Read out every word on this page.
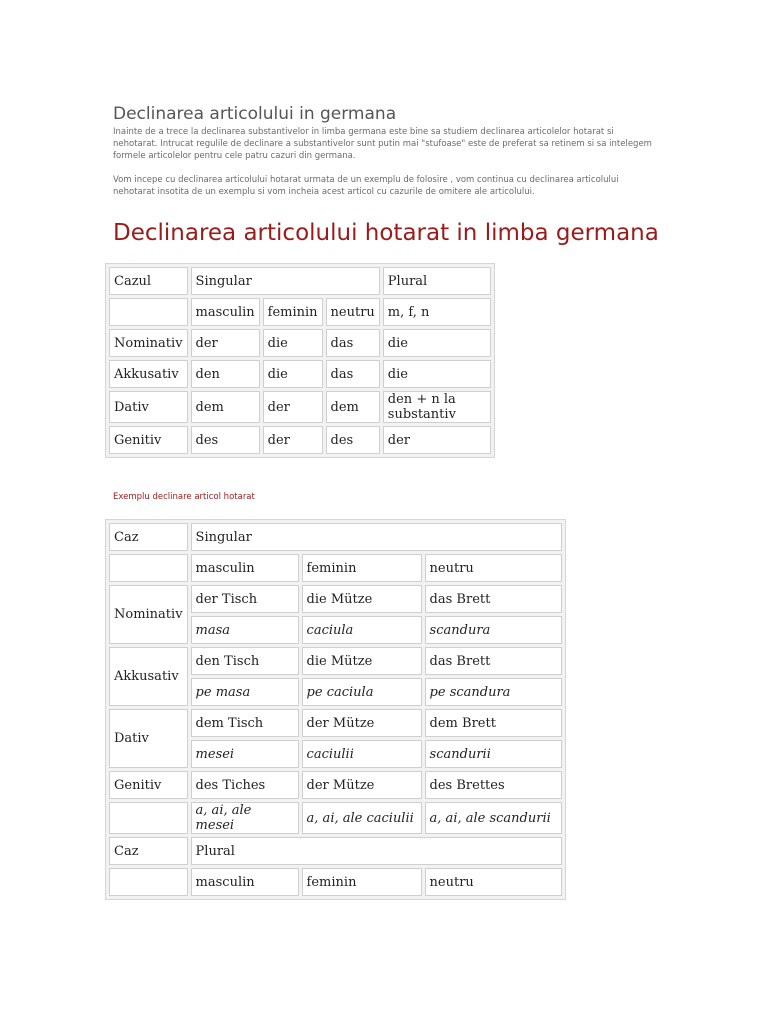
Declinarea articolului in germana

Inainte de a trece la declinarea substantivelor in limba germana este bine sa studiem declinarea articolelor hotarat si nehotarat. Intrucat regulile de declinare a substantivelor sunt putin mai "stufoase" este de preferat sa retinem si sa intelegem formele articolelor pentru cele patru cazuri din germana.

Vom incepe cu declinarea articolului hotarat urmata de un exemplu de folosire , vom continua cu declinarea articolului nehotarat insotita de un exemplu si vom incheia acest articol cu cazurile de omitere ale articolului.

Declinarea articolului hotarat in limba germana
Cazul	Singular			Plural
	masculin	feminin	neutru	m, f, n
Nominativ	der	die	das	die
Akkusativ	den	die	das	die
Dativ	dem	der	dem	den + n la substantiv
Genitiv	des	der	des	der

Exemplu declinare articol hotarat

Caz	Singular		
	masculin	feminin	neutru
Nominativ	der Tisch	die Mütze	das Brett
	masa	caciula	scandura
Akkusativ	den Tisch	die Mütze	das Brett
	pe masa	pe caciula	pe scandura
Dativ	dem Tisch	der Mütze	dem Brett
	mesei	caciulii	scandurii
Genitiv	des Tiches	der Mütze	des Brettes
	a, ai, ale mesei	a, ai, ale caciulii	a, ai, ale scandurii
Caz	Plural		
	masculin	feminin	neutru
